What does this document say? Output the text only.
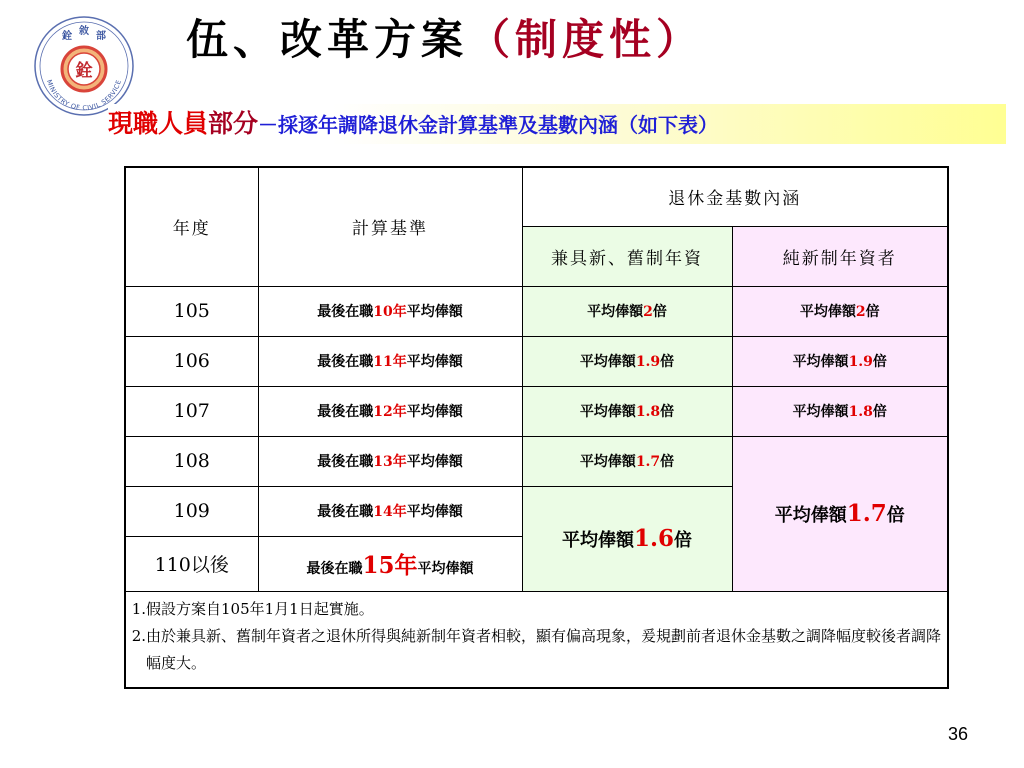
銓 敘 部
MINISTRY OF CIVIL SERVICE
銓
伍、改革方案（制度性）
現職人員部分－採逐年調降退休金計算基準及基數內涵（如下表）
年度	計算基準	退休金基數內涵	
		兼具新、舊制年資	純新制年資者
105	最後在職10年平均俸額	平均俸額2倍	平均俸額2倍
106	最後在職11年平均俸額	平均俸額1.9倍	平均俸額1.9倍
107	最後在職12年平均俸額	平均俸額1.8倍	平均俸額1.8倍
108	最後在職13年平均俸額	平均俸額1.7倍	平均俸額1.7倍
109	最後在職14年平均俸額	平均俸額1.6倍	
110以後	最後在職15年平均俸額		

1. 假設方案自105年1月1日起實施。
2. 由於兼具新、舊制年資者之退休所得與純新制年資者相較，顯有偏高現象，爰規劃前者退休金基數之調降幅度較後者調降幅度大。			
36
